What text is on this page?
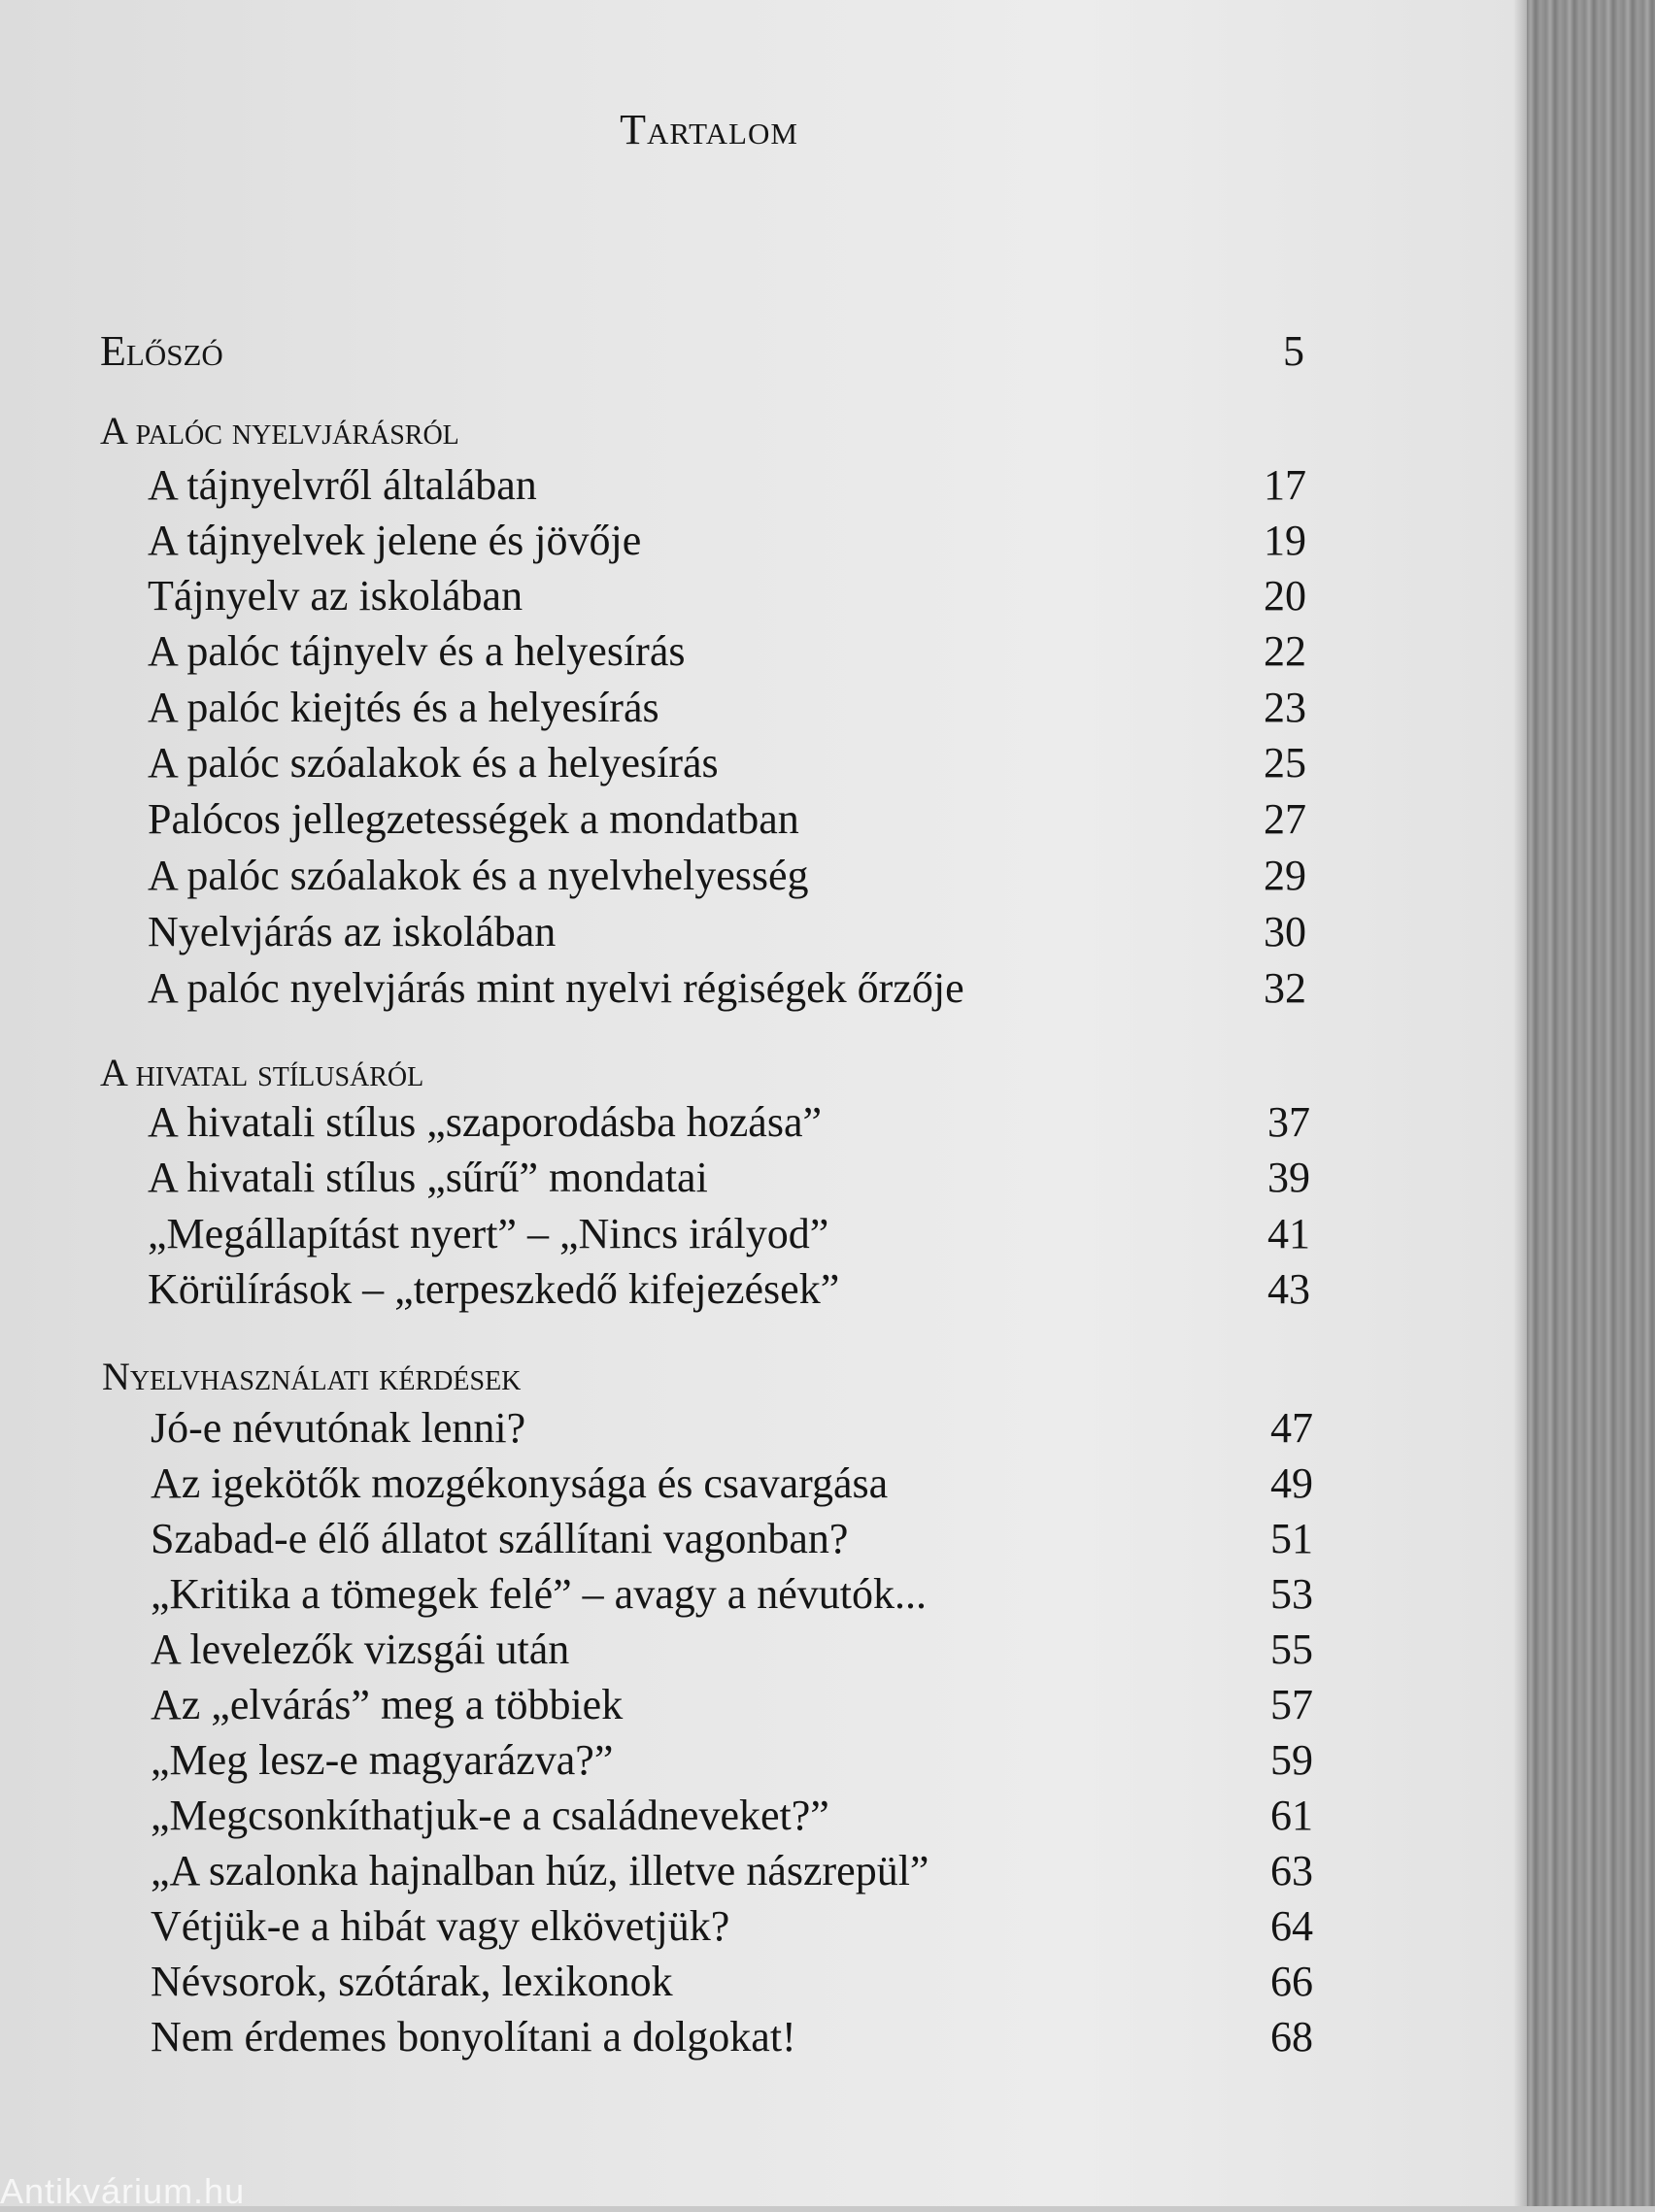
Tartalom
Előszó	5
A palóc nyelvjárásról
A tájnyelvről általában	17
A tájnyelvek jelene és jövője	19
Tájnyelv az iskolában	20
A palóc tájnyelv és a helyesírás	22
A palóc kiejtés és a helyesírás	23
A palóc szóalakok és a helyesírás	25
Palócos jellegzetességek a mondatban	27
A palóc szóalakok és a nyelvhelyesség	29
Nyelvjárás az iskolában	30
A palóc nyelvjárás mint nyelvi régiségek őrzője	32
A hivatal stílusáról
A hivatali stílus „szaporodásba hozása”	37
A hivatali stílus „sűrű” mondatai	39
„Megállapítást nyert” – „Nincs irályod”	41
Körülírások – „terpeszkedő kifejezések”	43
Nyelvhasználati kérdések
Jó-e névutónak lenni?	47
Az igekötők mozgékonysága és csavargása	49
Szabad-e élő állatot szállítani vagonban?	51
„Kritika a tömegek felé” – avagy a névutók...	53
A levelezők vizsgái után	55
Az „elvárás” meg a többiek	57
„Meg lesz-e magyarázva?”	59
„Megcsonkíthatjuk-e a családneveket?”	61
„A szalonka hajnalban húz, illetve nászrepül”	63
Vétjük-e a hibát vagy elkövetjük?	64
Névsorok, szótárak, lexikonok	66
Nem érdemes bonyolítani a dolgokat!	68
Antikvárium.hu
